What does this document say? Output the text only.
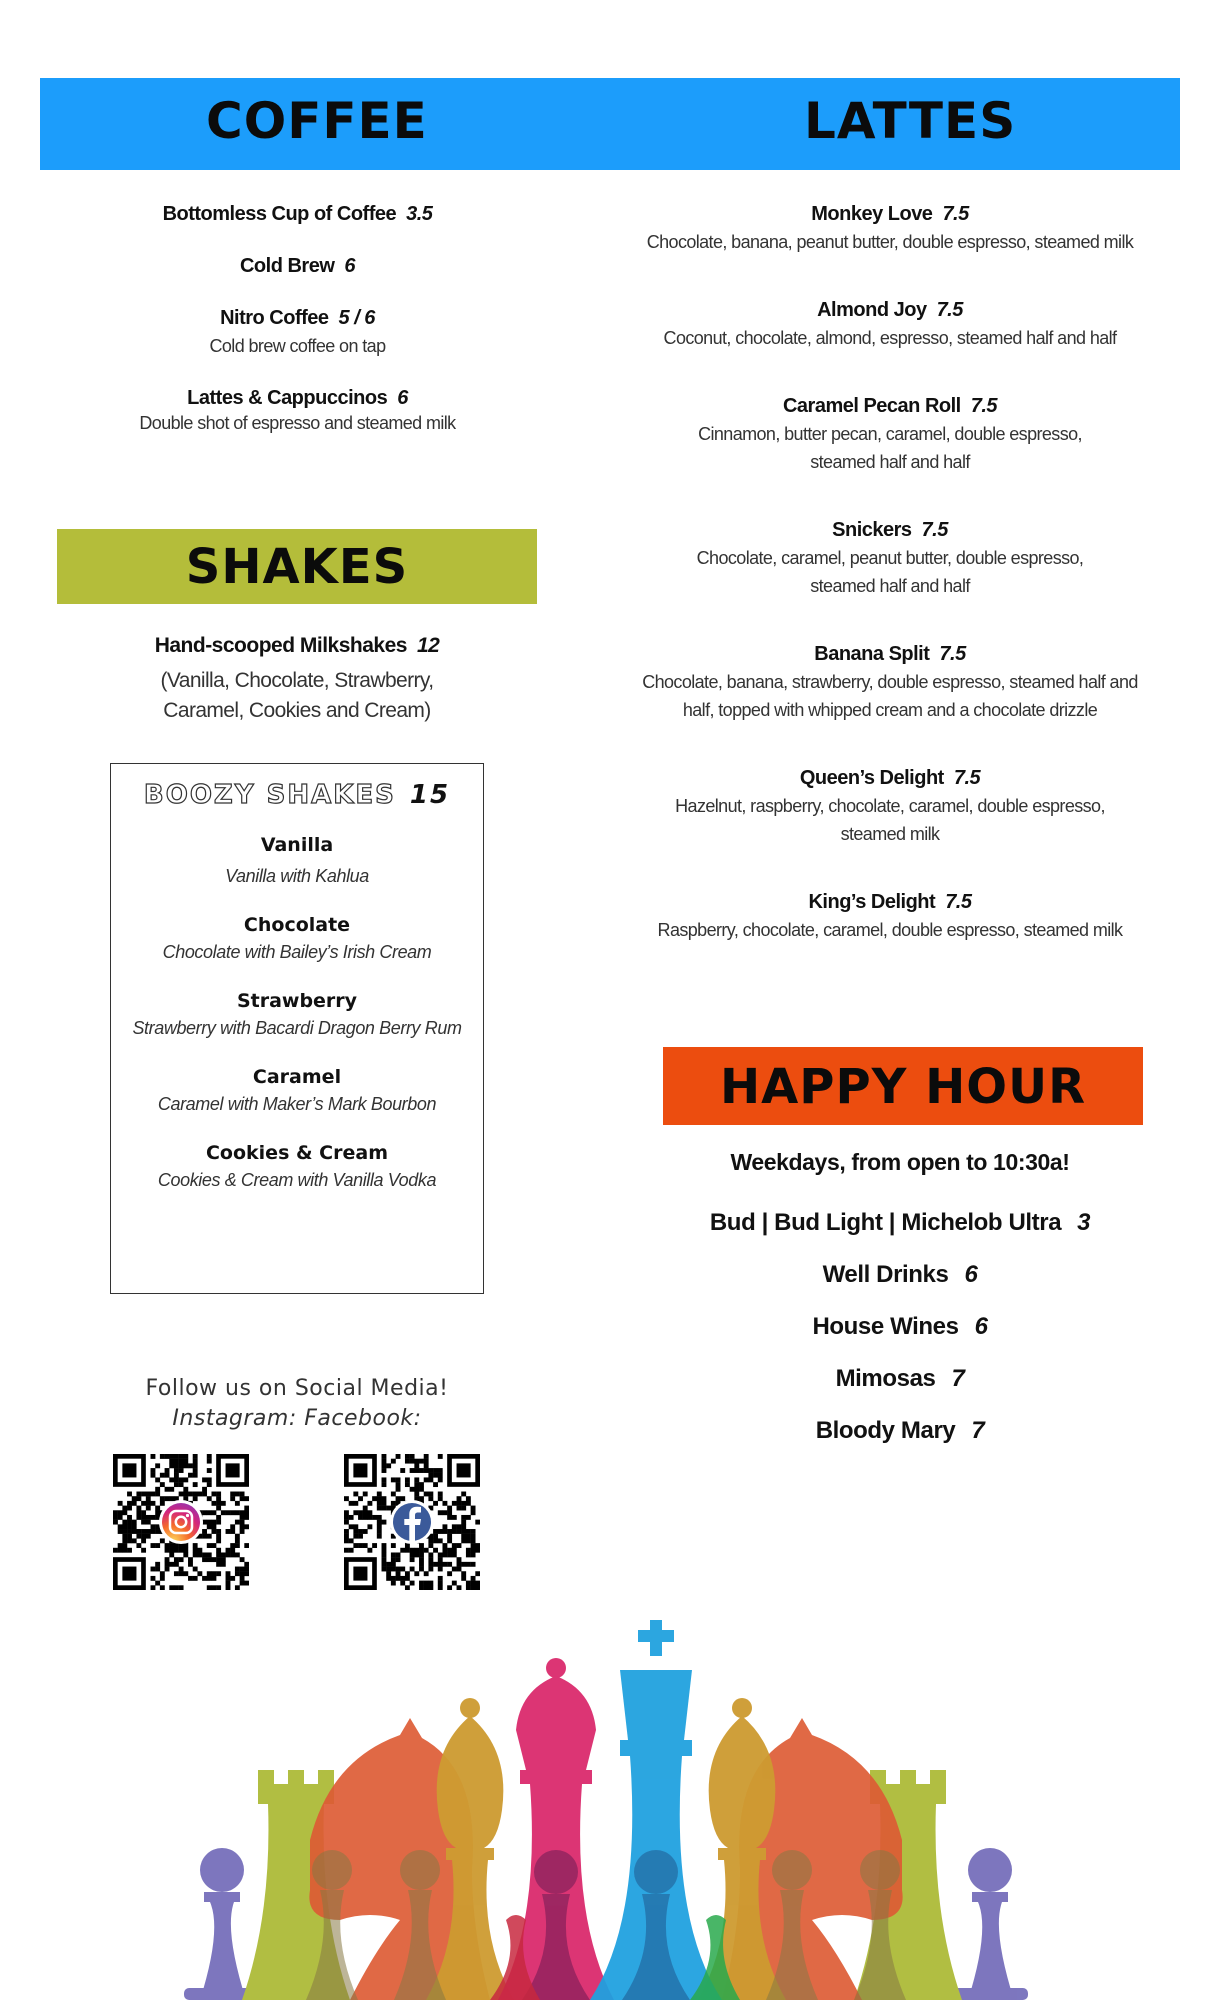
COFFEE	LATTES
Bottomless Cup of Coffee 3.5
Cold Brew 6
Nitro Coffee 5 / 6
Cold brew coffee on tap
Lattes & Cappuccinos 6
Double shot of espresso and steamed milk
Monkey Love 7.5
Chocolate, banana, peanut butter, double espresso, steamed milk
Almond Joy 7.5
Coconut, chocolate, almond, espresso, steamed half and half
Caramel Pecan Roll 7.5
Cinnamon, butter pecan, caramel, double espresso,
steamed half and half
Snickers 7.5
Chocolate, caramel, peanut butter, double espresso,
steamed half and half
Banana Split 7.5
Chocolate, banana, strawberry, double espresso, steamed half and
half, topped with whipped cream and a chocolate drizzle
Queen’s Delight 7.5
Hazelnut, raspberry, chocolate, caramel, double espresso,
steamed milk
King’s Delight 7.5
Raspberry, chocolate, caramel, double espresso, steamed milk
SHAKES
Hand-scooped Milkshakes 12
(Vanilla, Chocolate, Strawberry,
Caramel, Cookies and Cream)
BOOZY SHAKES 15
Vanilla
Vanilla with Kahlua
Chocolate
Chocolate with Bailey’s Irish Cream
Strawberry
Strawberry with Bacardi Dragon Berry Rum
Caramel
Caramel with Maker’s Mark Bourbon
Cookies & Cream
Cookies & Cream with Vanilla Vodka
Follow us on Social Media!
Instagram: Facebook:
HAPPY HOUR
Weekdays, from open to 10:30a!
Bud | Bud Light | Michelob Ultra 3
Well Drinks 6
House Wines 6
Mimosas 7
Bloody Mary 7
